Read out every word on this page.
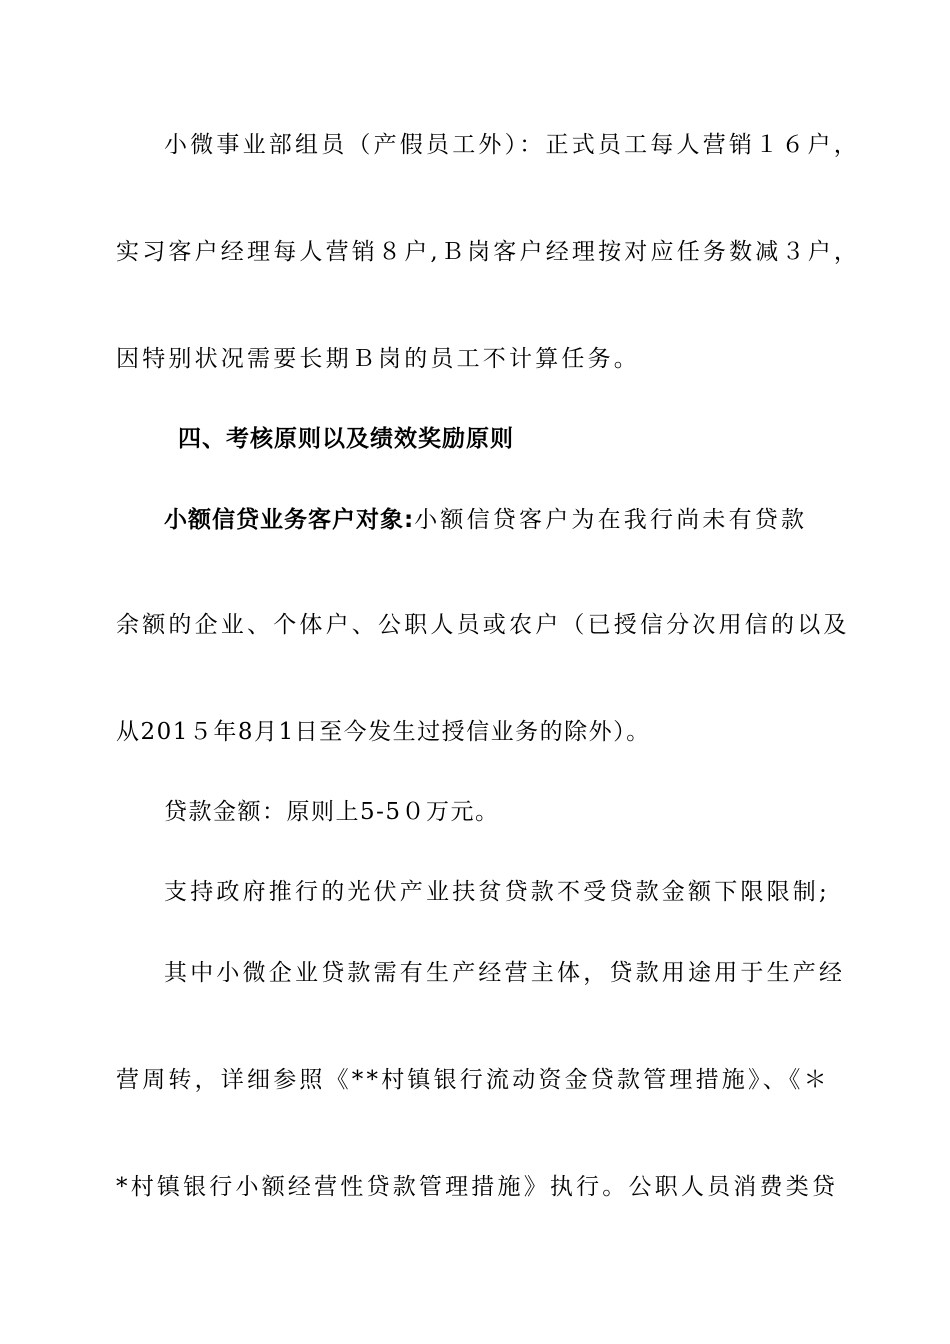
小微事业部组员（产假员工外）：正式员工每人营销１６户，
实习客户经理每人营销８户,Ｂ岗客户经理按对应任务数减３户，
因特别状况需要长期Ｂ岗的员工不计算任务。
四、考核原则以及绩效奖励原则
小额信贷业务客户对象:小额信贷客户为在我行尚未有贷款
余额的企业、个体户、公职人员或农户（已授信分次用信的以及
从201５年8月1日至今发生过授信业务的除外）。
贷款金额：原则上5-5０万元。
支持政府推行的光伏产业扶贫贷款不受贷款金额下限限制;
其中小微企业贷款需有生产经营主体，贷款用途用于生产经
营周转，详细参照《**村镇银行流动资金贷款管理措施》、《＊
*村镇银行小额经营性贷款管理措施》执行。公职人员消费类贷
